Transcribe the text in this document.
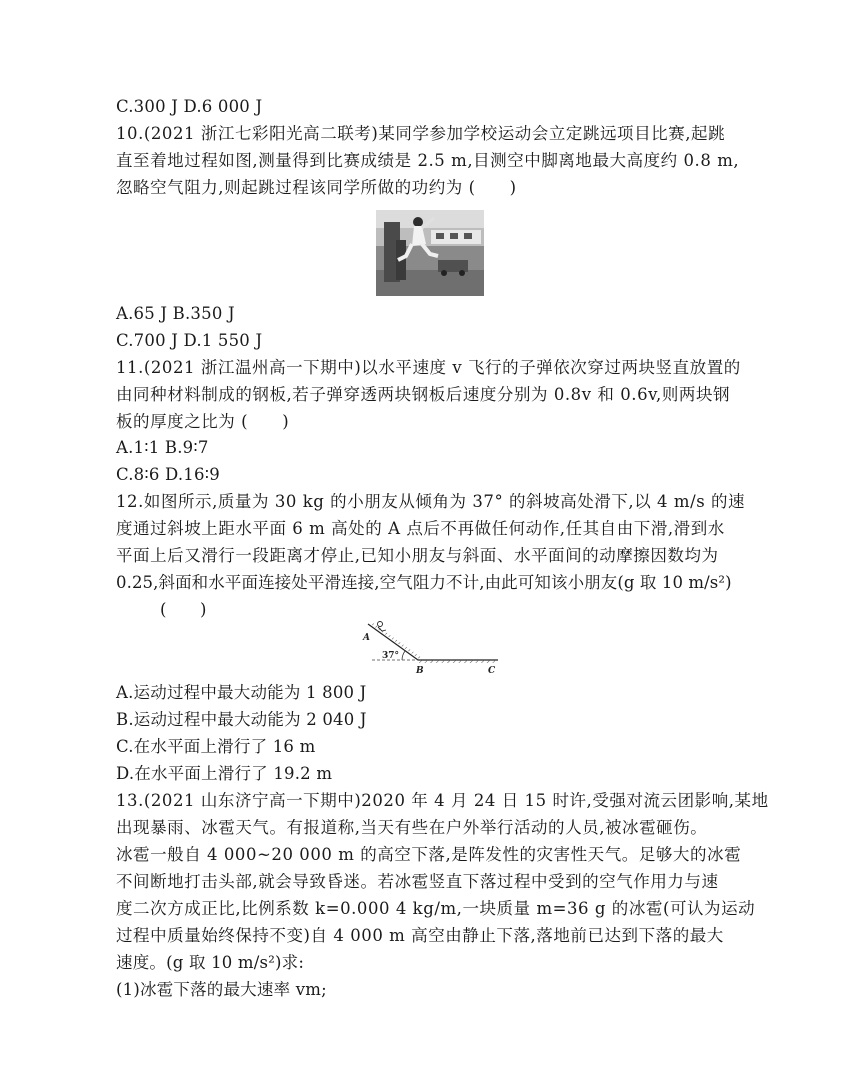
C.300 J D.6 000 J
10.(2021 浙江七彩阳光高二联考)某同学参加学校运动会立定跳远项目比赛,起跳
直至着地过程如图,测量得到比赛成绩是 2.5 m,目测空中脚离地最大高度约 0.8 m,
忽略空气阻力,则起跳过程该同学所做的功约为 (　　)
A.65 J B.350 J
C.700 J D.1 550 J
11.(2021 浙江温州高一下期中)以水平速度 v 飞行的子弹依次穿过两块竖直放置的
由同种材料制成的钢板,若子弹穿透两块钢板后速度分别为 0.8v 和 0.6v,则两块钢
板的厚度之比为 (　　)
A.1∶1 B.9∶7
C.8∶6 D.16∶9
12.如图所示,质量为 30 kg 的小朋友从倾角为 37° 的斜坡高处滑下,以 4 m/s 的速
度通过斜坡上距水平面 6 m 高处的 A 点后不再做任何动作,任其自由下滑,滑到水
平面上后又滑行一段距离才停止,已知小朋友与斜面、水平面间的动摩擦因数均为
0.25,斜面和水平面连接处平滑连接,空气阻力不计,由此可知该小朋友(g 取 10 m/s²)
(　　)
37°
A
B	C
A.运动过程中最大动能为 1 800 J
B.运动过程中最大动能为 2 040 J
C.在水平面上滑行了 16 m
D.在水平面上滑行了 19.2 m
13.(2021 山东济宁高一下期中)2020 年 4 月 24 日 15 时许,受强对流云团影响,某地
出现暴雨、冰雹天气。有报道称,当天有些在户外举行活动的人员,被冰雹砸伤。
冰雹一般自 4 000~20 000 m 的高空下落,是阵发性的灾害性天气。足够大的冰雹
不间断地打击头部,就会导致昏迷。若冰雹竖直下落过程中受到的空气作用力与速
度二次方成正比,比例系数 k=0.000 4 kg/m,一块质量 m=36 g 的冰雹(可认为运动
过程中质量始终保持不变)自 4 000 m 高空由静止下落,落地前已达到下落的最大
速度。(g 取 10 m/s²)求:
(1)冰雹下落的最大速率 vm;
